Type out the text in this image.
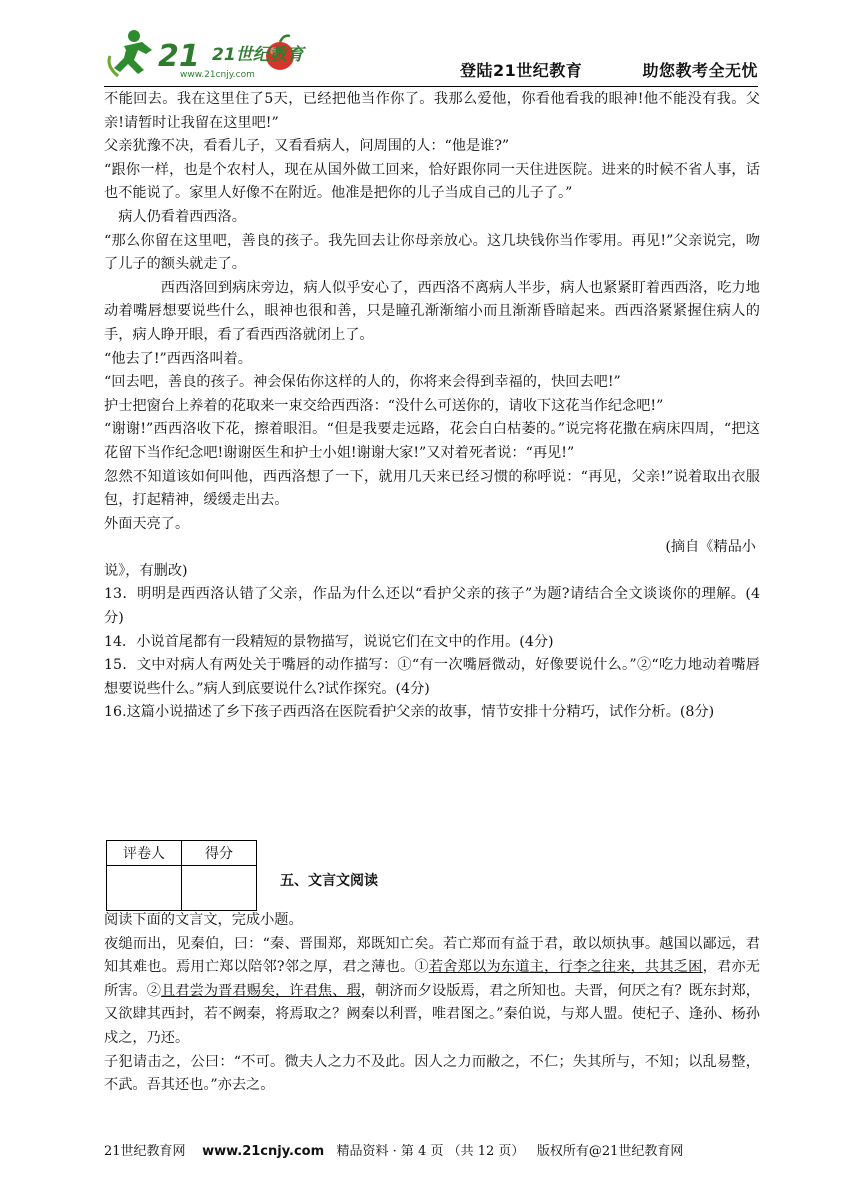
21 21世纪教育
www.21cnjy.com	登陆21世纪教育   助您教考全无忧

不能回去。我在这里住了5天，已经把他当作你了。我那么爱他，你看他看我的眼神!他不能没有我。父亲!请暂时让我留在这里吧!”

父亲犹豫不决，看看儿子，又看看病人，问周围的人：“他是谁?”

“跟你一样，也是个农村人，现在从国外做工回来，恰好跟你同一天住进医院。进来的时候不省人事，话也不能说了。家里人好像不在附近。他准是把你的儿子当成自己的儿子了。”

病人仍看着西西洛。

“那么你留在这里吧，善良的孩子。我先回去让你母亲放心。这几块钱你当作零用。再见!”父亲说完，吻了儿子的额头就走了。

西西洛回到病床旁边，病人似乎安心了，西西洛不离病人半步，病人也紧紧盯着西西洛，吃力地动着嘴唇想要说些什么，眼神也很和善，只是瞳孔渐渐缩小而且渐渐昏暗起来。西西洛紧紧握住病人的手，病人睁开眼，看了看西西洛就闭上了。

“他去了!”西西洛叫着。

“回去吧，善良的孩子。神会保佑你这样的人的，你将来会得到幸福的，快回去吧!”

护士把窗台上养着的花取来一束交给西西洛：“没什么可送你的，请收下这花当作纪念吧!”

“谢谢!”西西洛收下花，擦着眼泪。“但是我要走远路，花会白白枯萎的。”说完将花撒在病床四周，“把这花留下当作纪念吧!谢谢医生和护士小姐!谢谢大家!”又对着死者说：“再见!”

忽然不知道该如何叫他，西西洛想了一下，就用几天来已经习惯的称呼说：“再见，父亲!”说着取出衣服包，打起精神，缓缓走出去。

外面天亮了。

(摘自《精品小

说》，有删改)

13．明明是西西洛认错了父亲，作品为什么还以“看护父亲的孩子”为题?请结合全文谈谈你的理解。(4分)

14．小说首尾都有一段精短的景物描写，说说它们在文中的作用。(4分)

15．文中对病人有两处关于嘴唇的动作描写：①“有一次嘴唇微动，好像要说什么。”②“吃力地动着嘴唇想要说些什么。”病人到底要说什么?试作探究。(4分)

16.这篇小说描述了乡下孩子西西洛在医院看护父亲的故事，情节安排十分精巧，试作分析。(8分)

评卷人	得分

五、文言文阅读

阅读下面的文言文，完成小题。

夜缒而出，见秦伯，曰：“秦、晋围郑，郑既知亡矣。若亡郑而有益于君，敢以烦执事。越国以鄙远，君知其难也。焉用亡郑以陪邻?邻之厚，君之薄也。①若舍郑以为东道主，行李之往来，共其乏困，君亦无所害。②且君尝为晋君赐矣，许君焦、瑕，朝济而夕设版焉，君之所知也。夫晋，何厌之有？既东封郑，又欲肆其西封，若不阙秦，将焉取之？阙秦以利晋，唯君图之。”秦伯说，与郑人盟。使杞子、逢孙、杨孙戍之，乃还。

子犯请击之，公曰：“不可。微夫人之力不及此。因人之力而敝之，不仁；失其所与，不知；以乱易整，不武。吾其还也。”亦去之。

21世纪教育网 www.21cnjy.com 精品资料 · 第 4 页 （共 12 页） 版权所有@21世纪教育网
